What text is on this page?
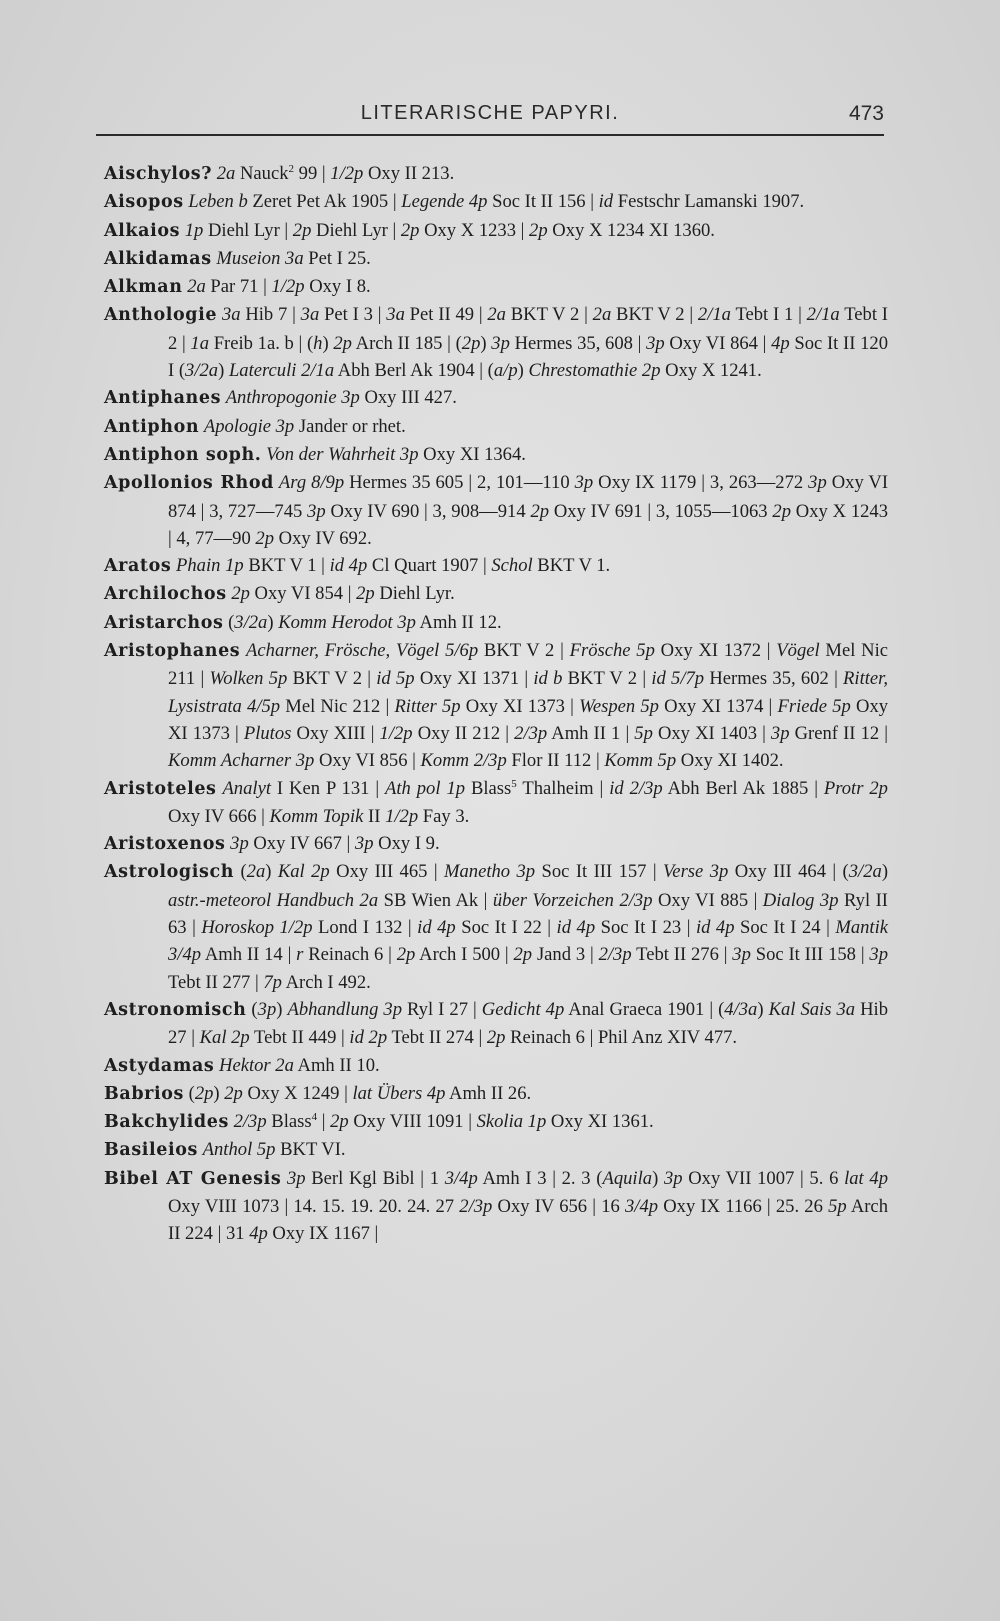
LITERARISCHE PAPYRI.	473

Aischylos? 2a Nauck$^2$ 99 | 1/2p Oxy II 213.

Aisopos Leben b Zeret Pet Ak 1905 | Legende 4p Soc It II 156 | id Festschr Lamanski 1907.

Alkaios 1p Diehl Lyr | 2p Diehl Lyr | 2p Oxy X 1233 | 2p Oxy X 1234 XI 1360.

Alkidamas Museion 3a Pet I 25.

Alkman 2a Par 71 | 1/2p Oxy I 8.

Anthologie 3a Hib 7 | 3a Pet I 3 | 3a Pet II 49 | 2a BKT V 2 | 2a BKT V 2 | 2/1a Tebt I 1 | 2/1a Tebt I 2 | 1a Freib 1a. b | (h) 2p Arch II 185 | (2p) 3p Hermes 35, 608 | 3p Oxy VI 864 | 4p Soc It II 120 I (3/2a) Laterculi 2/1a Abh Berl Ak 1904 | (a/p) Chrestomathie 2p Oxy X 1241.

Antiphanes Anthropogonie 3p Oxy III 427.

Antiphon Apologie 3p Jander or rhet.

Antiphon soph. Von der Wahrheit 3p Oxy XI 1364.

Apollonios Rhod Arg 8/9p Hermes 35 605 | 2, 101—110 3p Oxy IX 1179 | 3, 263—272 3p Oxy VI 874 | 3, 727—745 3p Oxy IV 690 | 3, 908—914 2p Oxy IV 691 | 3, 1055—1063 2p Oxy X 1243 | 4, 77—90 2p Oxy IV 692.

Aratos Phain 1p BKT V 1 | id 4p Cl Quart 1907 | Schol BKT V 1.

Archilochos 2p Oxy VI 854 | 2p Diehl Lyr.

Aristarchos (3/2a) Komm Herodot 3p Amh II 12.

Aristophanes Acharner, Frösche, Vögel 5/6p BKT V 2 | Frösche 5p Oxy XI 1372 | Vögel Mel Nic 211 | Wolken 5p BKT V 2 | id 5p Oxy XI 1371 | id b BKT V 2 | id 5/7p Hermes 35, 602 | Ritter, Lysistrata 4/5p Mel Nic 212 | Ritter 5p Oxy XI 1373 | Wespen 5p Oxy XI 1374 | Friede 5p Oxy XI 1373 | Plutos Oxy XIII | 1/2p Oxy II 212 | 2/3p Amh II 1 | 5p Oxy XI 1403 | 3p Grenf II 12 | Komm Acharner 3p Oxy VI 856 | Komm 2/3p Flor II 112 | Komm 5p Oxy XI 1402.

Aristoteles Analyt I Ken P 131 | Ath pol 1p Blass$^5$ Thalheim | id 2/3p Abh Berl Ak 1885 | Protr 2p Oxy IV 666 | Komm Topik II 1/2p Fay 3.

Aristoxenos 3p Oxy IV 667 | 3p Oxy I 9.

Astrologisch (2a) Kal 2p Oxy III 465 | Manetho 3p Soc It III 157 | Verse 3p Oxy III 464 | (3/2a) astr.-meteorol Handbuch 2a SB Wien Ak | über Vorzeichen 2/3p Oxy VI 885 | Dialog 3p Ryl II 63 | Horoskop 1/2p Lond I 132 | id 4p Soc It I 22 | id 4p Soc It I 23 | id 4p Soc It I 24 | Mantik 3/4p Amh II 14 | r Reinach 6 | 2p Arch I 500 | 2p Jand 3 | 2/3p Tebt II 276 | 3p Soc It III 158 | 3p Tebt II 277 | 7p Arch I 492.

Astronomisch (3p) Abhandlung 3p Ryl I 27 | Gedicht 4p Anal Graeca 1901 | (4/3a) Kal Sais 3a Hib 27 | Kal 2p Tebt II 449 | id 2p Tebt II 274 | 2p Reinach 6 | Phil Anz XIV 477.

Astydamas Hektor 2a Amh II 10.

Babrios (2p) 2p Oxy X 1249 | lat Übers 4p Amh II 26.

Bakchylides 2/3p Blass$^4$ | 2p Oxy VIII 1091 | Skolia 1p Oxy XI 1361.

Basileios Anthol 5p BKT VI.

Bibel AT Genesis 3p Berl Kgl Bibl | 1 3/4p Amh I 3 | 2. 3 (Aquila) 3p Oxy VII 1007 | 5. 6 lat 4p Oxy VIII 1073 | 14. 15. 19. 20. 24. 27 2/3p Oxy IV 656 | 16 3/4p Oxy IX 1166 | 25. 26 5p Arch II 224 | 31 4p Oxy IX 1167 |
